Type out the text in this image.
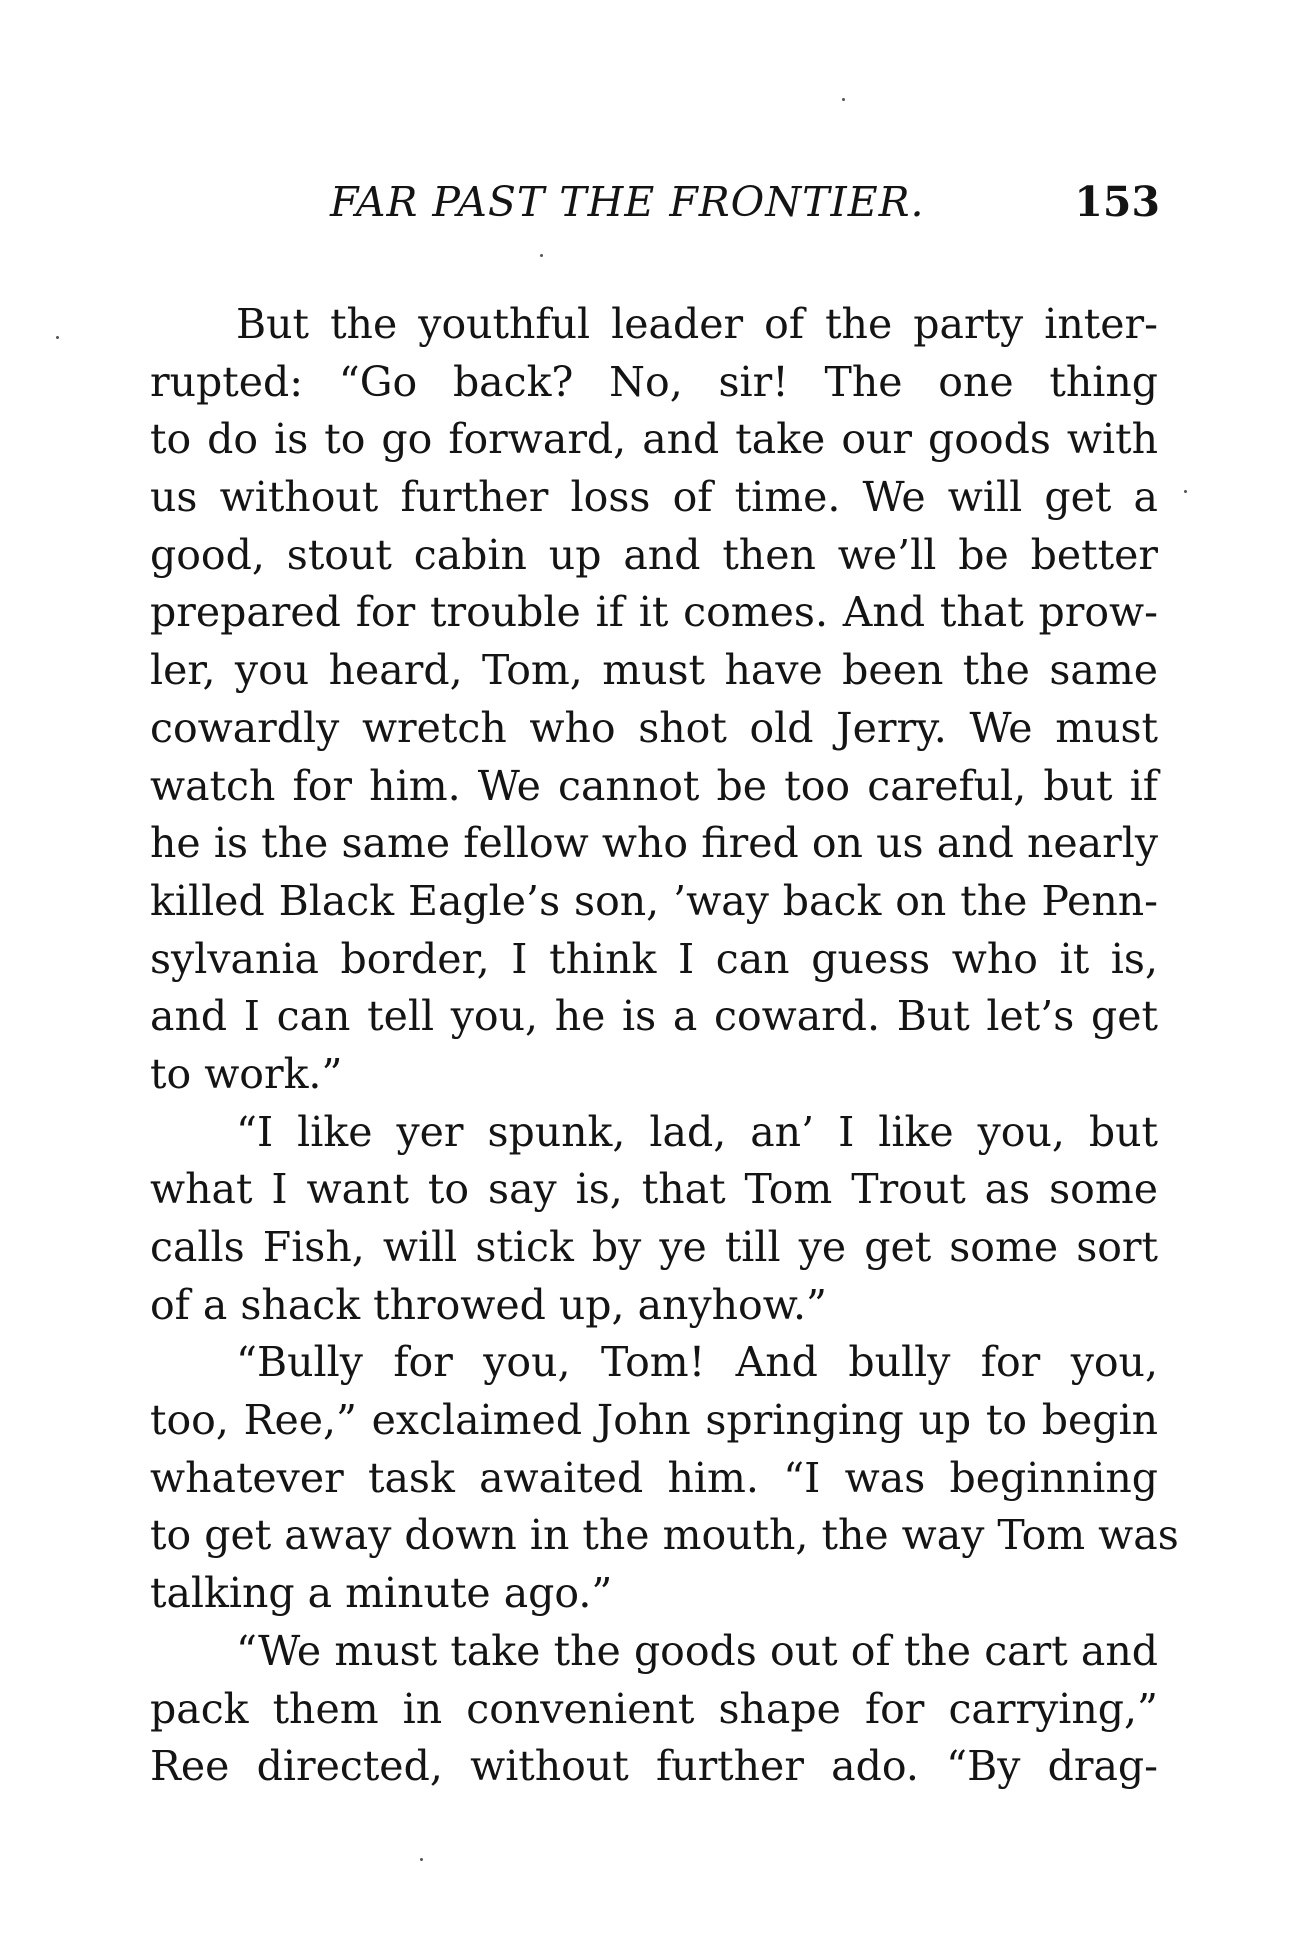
FAR PAST THE FRONTIER.	153
But the youthful leader of the party inter-
rupted: “Go back? No, sir! The one thing
to do is to go forward, and take our goods with
us without further loss of time. We will get a
good, stout cabin up and then we’ll be better
prepared for trouble if it comes. And that prow-
ler, you heard, Tom, must have been the same
cowardly wretch who shot old Jerry. We must
watch for him. We cannot be too careful, but if
he is the same fellow who fired on us and nearly
killed Black Eagle’s son, ’way back on the Penn-
sylvania border, I think I can guess who it is,
and I can tell you, he is a coward. But let’s get
to work.”
“I like yer spunk, lad, an’ I like you, but
what I want to say is, that Tom Trout as some
calls Fish, will stick by ye till ye get some sort
of a shack throwed up, anyhow.”
“Bully for you, Tom! And bully for you,
too, Ree,” exclaimed John springing up to begin
whatever task awaited him. “I was beginning
to get away down in the mouth, the way Tom was
talking a minute ago.”
“We must take the goods out of the cart and
pack them in convenient shape for carrying,”
Ree directed, without further ado. “By drag-
